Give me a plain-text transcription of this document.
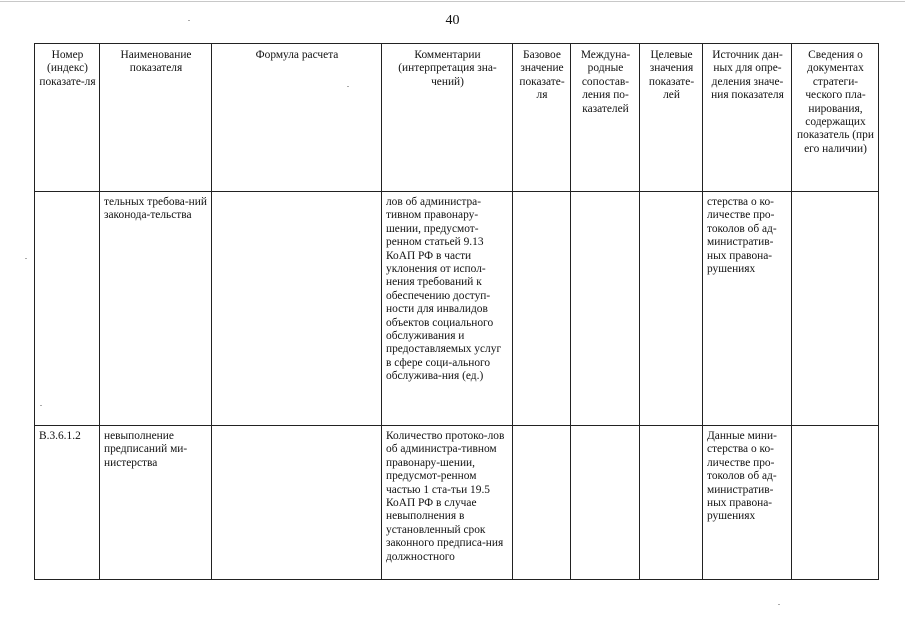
40
Номер (индекс) показате-ля	Наименование показателя	Формула расчета	Комментарии (интерпретация зна-чений)	Базовое значение показате-ля	Междуна-родные сопостав-ления по-казателей	Целевые значения показате-лей	Источник дан-ных для опре-деления значе-ния показателя	Сведения о документах стратеги-ческого пла-нирования, содержащих показатель (при его наличии)
	тельных требова-ний законода-тельства		лов об администра-тивном правонару-шении, предусмот-ренном статьей 9.13 КоАП РФ в части уклонения от испол-нения требований к обеспечению доступ-ности для инвалидов объектов социального обслуживания и предоставляемых услуг в сфере соци-ального обслужива-ния (ед.)				стерства о ко-личестве про-токолов об ад-министратив-ных правона-рушениях	
В.3.6.1.2	невыполнение предписаний ми-нистерства		Количество протоко-лов об администра-тивном правонару-шении, предусмот-ренном частью 1 ста-тьи 19.5 КоАП РФ в случае невыполнения в установленный срок законного предписа-ния должностного				Данные мини-стерства о ко-личестве про-токолов об ад-министратив-ных правона-рушениях	
